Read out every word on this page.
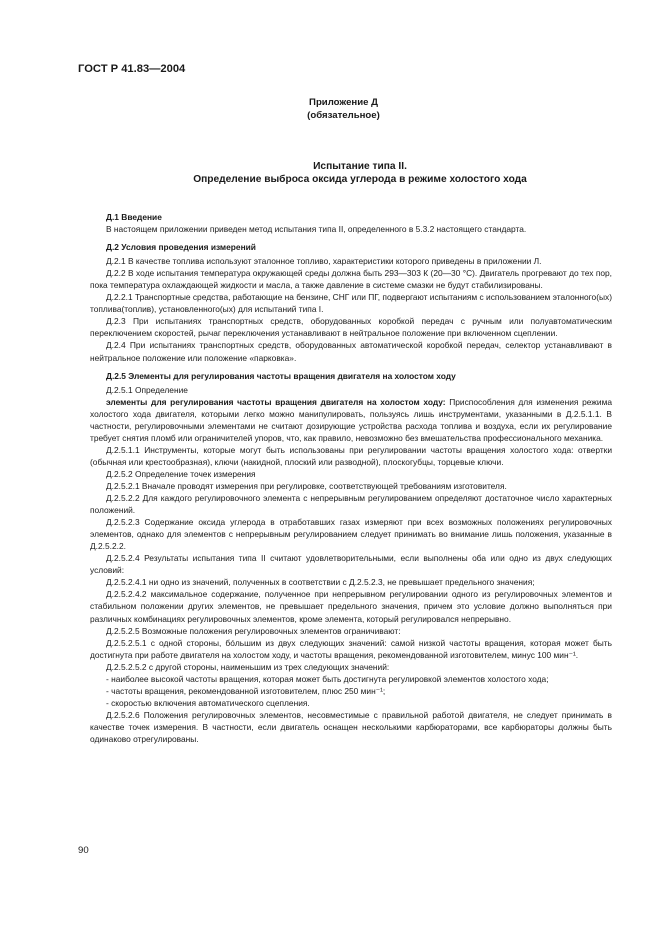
ГОСТ Р 41.83—2004
Приложение Д
(обязательное)
Испытание типа II.
Определение выброса оксида углерода в режиме холостого хода

Д.1 Введение

В настоящем приложении приведен метод испытания типа II, определенного в 5.3.2 настоящего стандарта.

Д.2 Условия проведения измерений

Д.2.1 В качестве топлива используют эталонное топливо, характеристики которого приведены в приложении Л.

Д.2.2 В ходе испытания температура окружающей среды должна быть 293—303 К (20—30 °С). Двигатель прогревают до тех пор, пока температура охлаждающей жидкости и масла, а также давление в системе смазки не будут стабилизированы.

Д.2.2.1 Транспортные средства, работающие на бензине, СНГ или ПГ, подвергают испытаниям с использованием эталонного(ых) топлива(топлив), установленного(ых) для испытаний типа I.

Д.2.3 При испытаниях транспортных средств, оборудованных коробкой передач с ручным или полуавтоматическим переключением скоростей, рычаг переключения устанавливают в нейтральное положение при включенном сцеплении.

Д.2.4 При испытаниях транспортных средств, оборудованных автоматической коробкой передач, селектор устанавливают в нейтральное положение или положение «парковка».

Д.2.5 Элементы для регулирования частоты вращения двигателя на холостом ходу

Д.2.5.1 Определение

элементы для регулирования частоты вращения двигателя на холостом ходу: Приспособления для изменения режима холостого хода двигателя, которыми легко можно манипулировать, пользуясь лишь инструментами, указанными в Д.2.5.1.1. В частности, регулировочными элементами не считают дозирующие устройства расхода топлива и воздуха, если их регулирование требует снятия пломб или ограничителей упоров, что, как правило, невозможно без вмешательства профессионального механика.

Д.2.5.1.1 Инструменты, которые могут быть использованы при регулировании частоты вращения холостого хода: отвертки (обычная или крестообразная), ключи (накидной, плоский или разводной), плоскогубцы, торцевые ключи.

Д.2.5.2 Определение точек измерения

Д.2.5.2.1 Вначале проводят измерения при регулировке, соответствующей требованиям изготовителя.

Д.2.5.2.2 Для каждого регулировочного элемента с непрерывным регулированием определяют достаточное число характерных положений.

Д.2.5.2.3 Содержание оксида углерода в отработавших газах измеряют при всех возможных положениях регулировочных элементов, однако для элементов с непрерывным регулированием следует принимать во внимание лишь положения, указанные в Д.2.5.2.2.

Д.2.5.2.4 Результаты испытания типа II считают удовлетворительными, если выполнены оба или одно из двух следующих условий:

Д.2.5.2.4.1 ни одно из значений, полученных в соответствии с Д.2.5.2.3, не превышает предельного значения;

Д.2.5.2.4.2 максимальное содержание, полученное при непрерывном регулировании одного из регулировочных элементов и стабильном положении других элементов, не превышает предельного значения, причем это условие должно выполняться при различных комбинациях регулировочных элементов, кроме элемента, который регулировался непрерывно.

Д.2.5.2.5 Возможные положения регулировочных элементов ограничивают:

Д.2.5.2.5.1 с одной стороны, бóльшим из двух следующих значений: самой низкой частоты вращения, которая может быть достигнута при работе двигателя на холостом ходу, и частоты вращения, рекомендованной изготовителем, минус 100 мин⁻¹.

Д.2.5.2.5.2 с другой стороны, наименьшим из трех следующих значений:

- наиболее высокой частоты вращения, которая может быть достигнута регулировкой элементов холостого хода;

- частоты вращения, рекомендованной изготовителем, плюс 250 мин⁻¹;

- скоростью включения автоматического сцепления.

Д.2.5.2.6 Положения регулировочных элементов, несовместимые с правильной работой двигателя, не следует принимать в качестве точек измерения. В частности, если двигатель оснащен несколькими карбюраторами, все карбюраторы должны быть одинаково отрегулированы.

90
